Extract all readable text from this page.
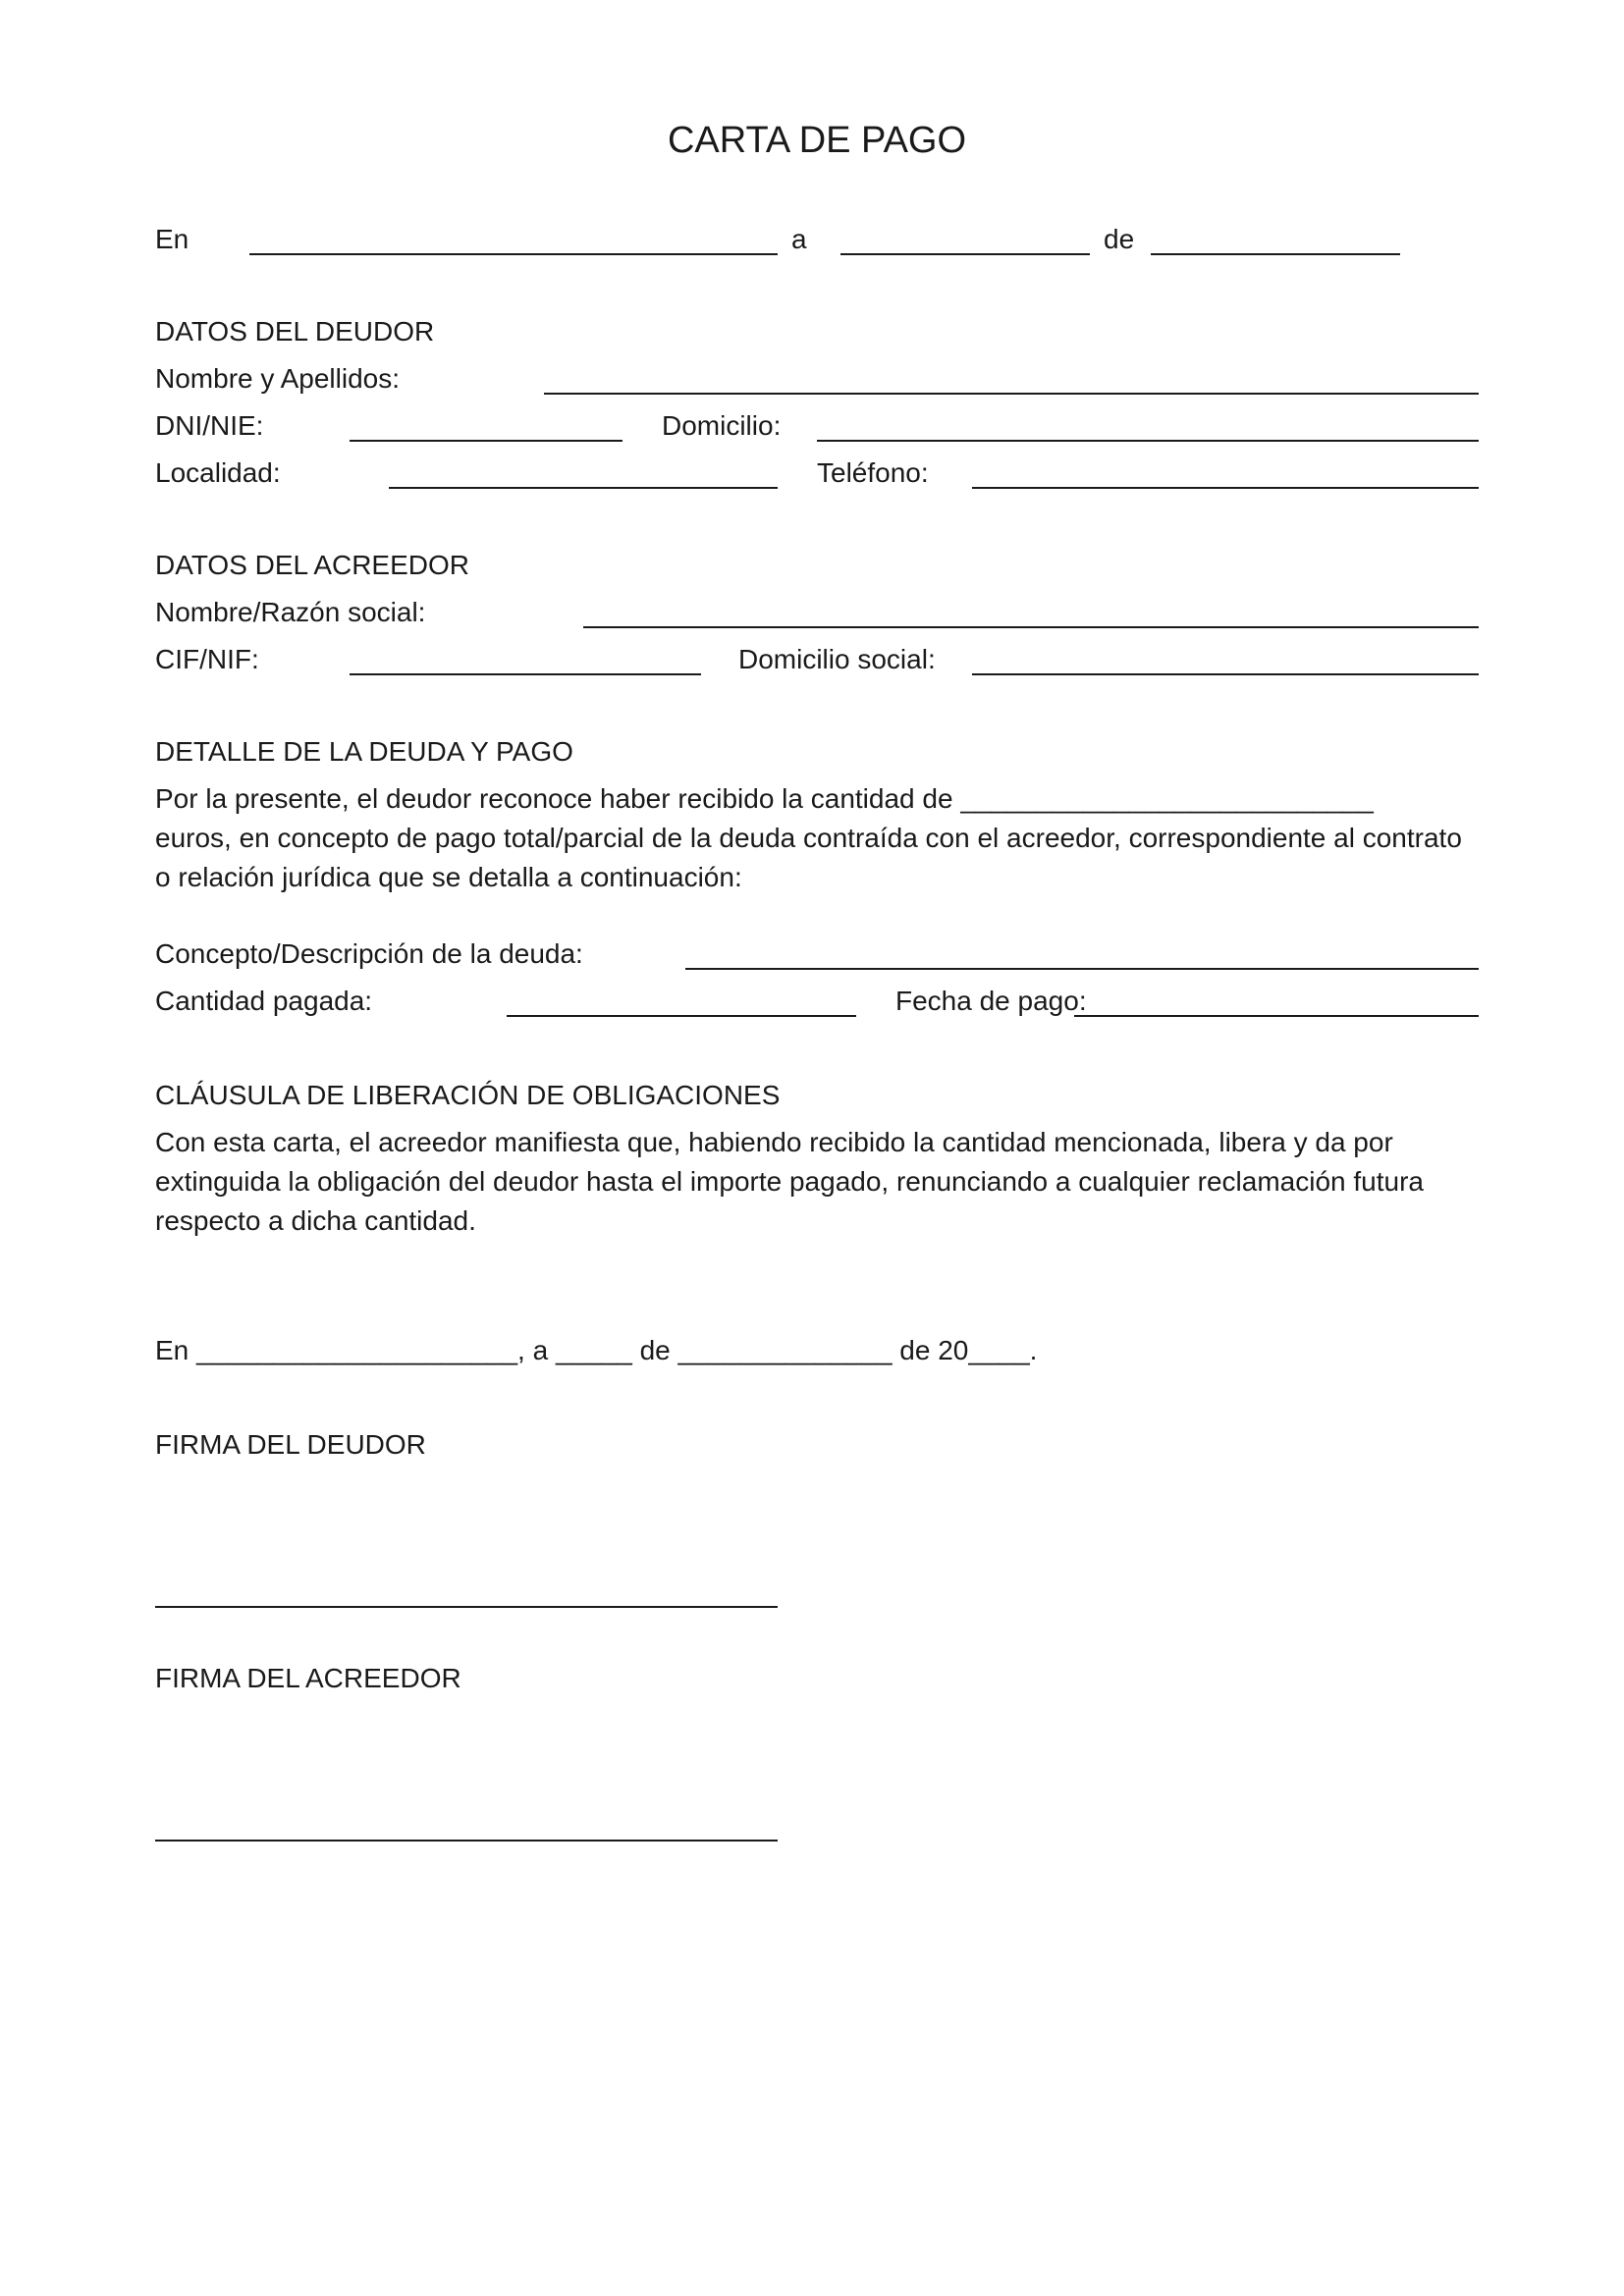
CARTA DE PAGO
En	a	de
DATOS DEL DEUDOR
Nombre y Apellidos:
DNI/NIE:	Domicilio:
Localidad:	Teléfono:
DATOS DEL ACREEDOR
Nombre/Razón social:
CIF/NIF:	Domicilio social:
DETALLE DE LA DEUDA Y PAGO
Por la presente, el deudor reconoce haber recibido la cantidad de ___________________________
euros, en concepto de pago total/parcial de la deuda contraída con el acreedor, correspondiente al contrato
o relación jurídica que se detalla a continuación:
Concepto/Descripción de la deuda:
Cantidad pagada:	Fecha de pago:
CLÁUSULA DE LIBERACIÓN DE OBLIGACIONES
Con esta carta, el acreedor manifiesta que, habiendo recibido la cantidad mencionada, libera y da por
extinguida la obligación del deudor hasta el importe pagado, renunciando a cualquier reclamación futura
respecto a dicha cantidad.
En _____________________, a _____ de ______________ de 20____.
FIRMA DEL DEUDOR
FIRMA DEL ACREEDOR
